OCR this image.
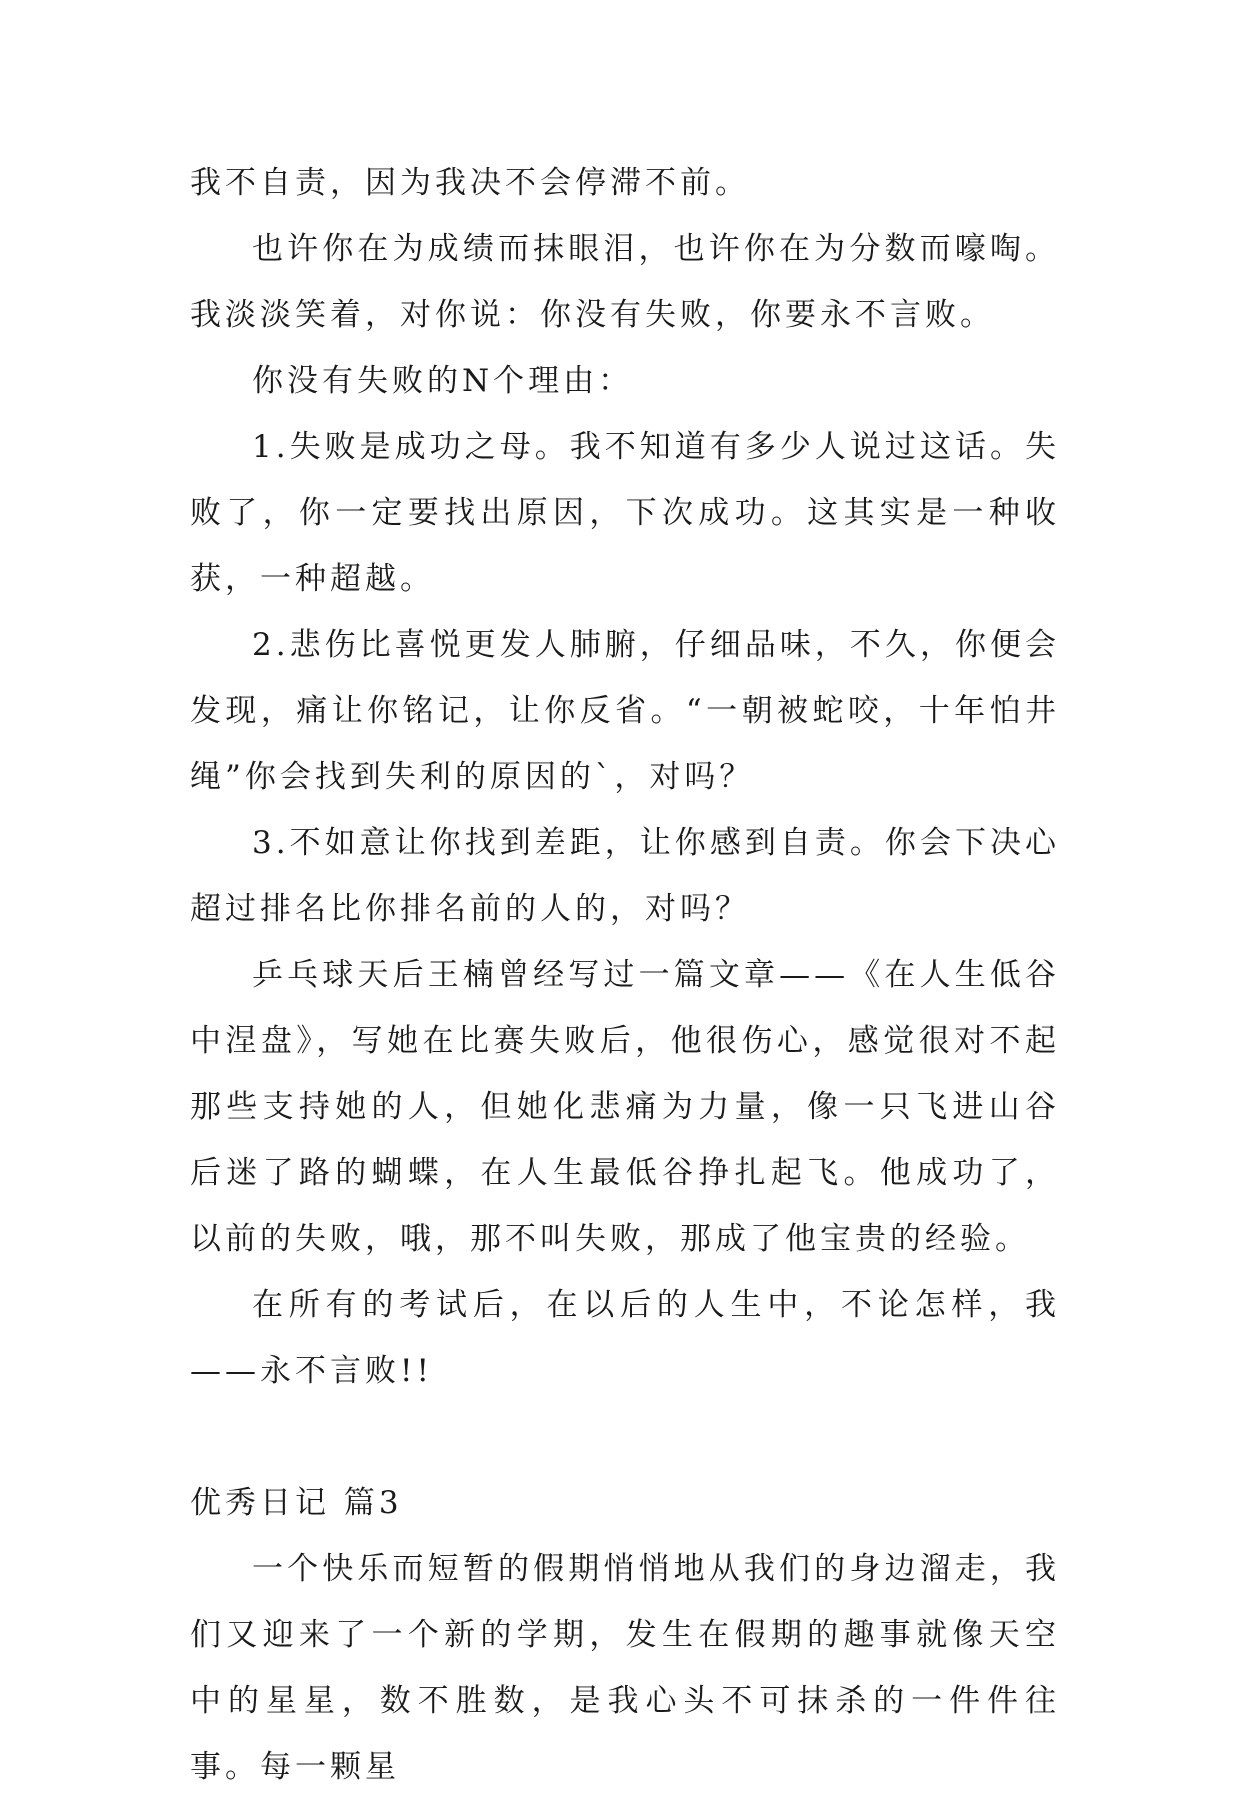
我不自责，因为我决不会停滞不前。

也许你在为成绩而抹眼泪，也许你在为分数而嚎啕。我淡淡笑着，对你说：你没有失败，你要永不言败。

你没有失败的N个理由：

1.失败是成功之母。我不知道有多少人说过这话。失败了，你一定要找出原因，下次成功。这其实是一种收获，一种超越。

2.悲伤比喜悦更发人肺腑，仔细品味，不久，你便会发现，痛让你铭记，让你反省。“一朝被蛇咬，十年怕井绳”你会找到失利的原因的`，对吗？

3.不如意让你找到差距，让你感到自责。你会下决心超过排名比你排名前的人的，对吗？

乒乓球天后王楠曾经写过一篇文章——《在人生低谷中涅盘》，写她在比赛失败后，他很伤心，感觉很对不起那些支持她的人，但她化悲痛为力量，像一只飞进山谷后迷了路的蝴蝶，在人生最低谷挣扎起飞。他成功了，以前的失败，哦，那不叫失败，那成了他宝贵的经验。

在所有的考试后，在以后的人生中，不论怎样，我——永不言败!!

优秀日记 篇3

一个快乐而短暂的假期悄悄地从我们的身边溜走，我们又迎来了一个新的学期，发生在假期的趣事就像天空中的星星，数不胜数，是我心头不可抹杀的一件件往事。每一颗星
